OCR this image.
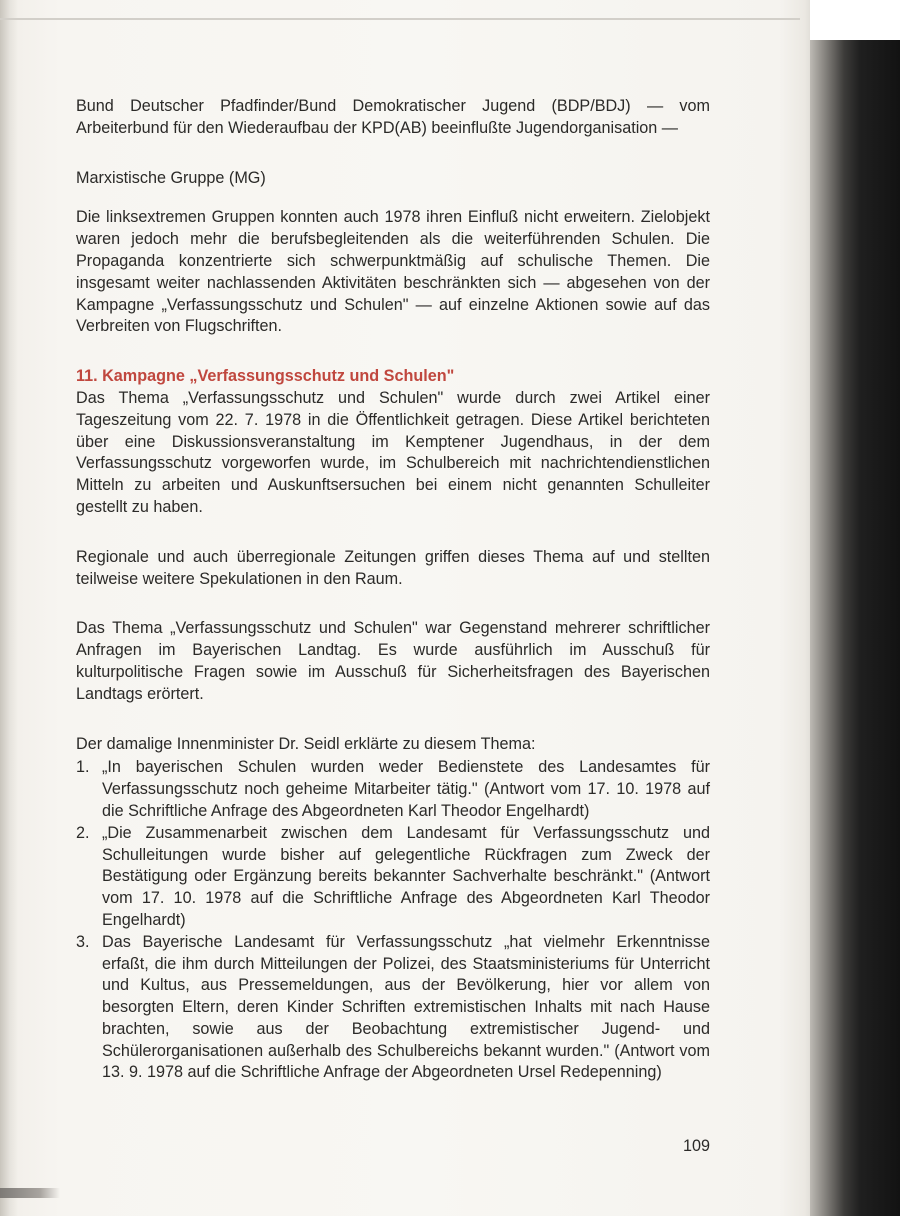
Bund Deutscher Pfadfinder/Bund Demokratischer Jugend (BDP/BDJ) — vom Arbeiterbund für den Wiederaufbau der KPD(AB) beeinflußte Jugendorganisation —

Marxistische Gruppe (MG)

Die linksextremen Gruppen konnten auch 1978 ihren Einfluß nicht erweitern. Zielobjekt waren jedoch mehr die berufsbegleitenden als die weiterführenden Schulen. Die Propaganda konzentrierte sich schwerpunktmäßig auf schulische Themen. Die insgesamt weiter nachlassenden Aktivitäten beschränkten sich — abgesehen von der Kampagne „Verfassungsschutz und Schulen" — auf einzelne Aktionen sowie auf das Verbreiten von Flugschriften.

11. Kampagne „Verfassungsschutz und Schulen"

Das Thema „Verfassungsschutz und Schulen" wurde durch zwei Artikel einer Tageszeitung vom 22. 7. 1978 in die Öffentlichkeit getragen. Diese Artikel berichteten über eine Diskussionsveranstaltung im Kemptener Jugendhaus, in der dem Verfassungsschutz vorgeworfen wurde, im Schulbereich mit nachrichtendienstlichen Mitteln zu arbeiten und Auskunftsersuchen bei einem nicht genannten Schulleiter gestellt zu haben.

Regionale und auch überregionale Zeitungen griffen dieses Thema auf und stellten teilweise weitere Spekulationen in den Raum.

Das Thema „Verfassungsschutz und Schulen" war Gegenstand mehrerer schriftlicher Anfragen im Bayerischen Landtag. Es wurde ausführlich im Ausschuß für kulturpolitische Fragen sowie im Ausschuß für Sicherheitsfragen des Bayerischen Landtags erörtert.

Der damalige Innenminister Dr. Seidl erklärte zu diesem Thema:

1. „In bayerischen Schulen wurden weder Bedienstete des Landesamtes für Verfassungsschutz noch geheime Mitarbeiter tätig." (Antwort vom 17. 10. 1978 auf die Schriftliche Anfrage des Abgeordneten Karl Theodor Engelhardt)
2. „Die Zusammenarbeit zwischen dem Landesamt für Verfassungsschutz und Schulleitungen wurde bisher auf gelegentliche Rückfragen zum Zweck der Bestätigung oder Ergänzung bereits bekannter Sachverhalte beschränkt." (Antwort vom 17. 10. 1978 auf die Schriftliche Anfrage des Abgeordneten Karl Theodor Engelhardt)
3. Das Bayerische Landesamt für Verfassungsschutz „hat vielmehr Erkenntnisse erfaßt, die ihm durch Mitteilungen der Polizei, des Staatsministeriums für Unterricht und Kultus, aus Pressemeldungen, aus der Bevölkerung, hier vor allem von besorgten Eltern, deren Kinder Schriften extremistischen Inhalts mit nach Hause brachten, sowie aus der Beobachtung extremistischer Jugend- und Schülerorganisationen außerhalb des Schulbereichs bekannt wurden." (Antwort vom 13. 9. 1978 auf die Schriftliche Anfrage der Abgeordneten Ursel Redepenning)
109
